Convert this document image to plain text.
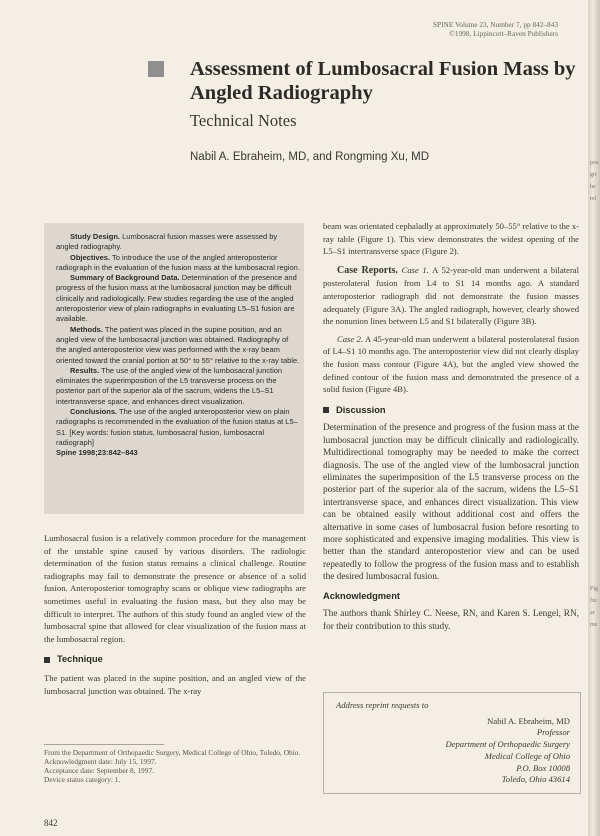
SPINE Volume 23, Number 7, pp 842–843
©1998, Lippincott–Raven Publishers
Assessment of Lumbosacral Fusion Mass by Angled Radiography
Technical Notes
Nabil A. Ebraheim, MD, and Rongming Xu, MD

Study Design. Lumbosacral fusion masses were assessed by angled radiography.

Objectives. To introduce the use of the angled anteroposterior radiograph in the evaluation of the fusion mass at the lumbosacral region.

Summary of Background Data. Determination of the presence and progress of the fusion mass at the lumbosacral junction may be difficult clinically and radiologically. Few studies regarding the use of the angled anteroposterior view of plain radiographs in evaluating L5–S1 fusion are available.

Methods. The patient was placed in the supine position, and an angled view of the lumbosacral junction was obtained. Radiography of the angled anteroposterior view was performed with the x-ray beam oriented toward the cranial portion at 50° to 55° relative to the x-ray table.

Results. The use of the angled view of the lumbosacral junction eliminates the superimposition of the L5 transverse process on the posterior part of the superior ala of the sacrum, widens the L5–S1 intertransverse space, and enhances direct visualization.

Conclusions. The use of the angled anteroposterior view on plain radiographs is recommended in the evaluation of the fusion status at L5–S1. [Key words: fusion status, lumbosacral fusion, lumbosacral radiograph]

Spine 1998;23:842–843

Lumbosacral fusion is a relatively common procedure for the management of the unstable spine caused by various disorders. The radiologic determination of the fusion status remains a clinical challenge. Routine radiographs may fail to demonstrate the presence or absence of a solid fusion. Anteroposterior tomography scans or oblique view radiographs are sometimes useful in evaluating the fusion mass, but they also may be difficult to interpret. The authors of this study found an angled view of the lumbosacral spine that allowed for clear visualization of the fusion mass at the lumbosacral region.

Technique

The patient was placed in the supine position, and an angled view of the lumbosacral junction was obtained. The x-ray

From the Department of Orthopaedic Surgery, Medical College of Ohio, Toledo, Ohio.
Acknowledgment date: July 15, 1997.
Acceptance date: September 8, 1997.
Device status category: 1.

beam was orientated cephaladly at approximately 50–55° relative to the x-ray table (Figure 1). This view demonstrates the widest opening of the L5–S1 intertransverse space (Figure 2).

Case Reports. Case 1. A 52-year-old man underwent a bilateral posterolateral fusion from L4 to S1 14 months ago. A standard anteroposterior radiograph did not demonstrate the fusion masses adequately (Figure 3A). The angled radiograph, however, clearly showed the nonunion lines between L5 and S1 bilaterally (Figure 3B).

Case 2. A 45-year-old man underwent a bilateral posterolateral fusion of L4–S1 10 months ago. The anteroposterior view did not clearly display the fusion mass contour (Figure 4A), but the angled view showed the defined contour of the fusion mass and demonstrated the presence of a solid fusion (Figure 4B).

Discussion

Determination of the presence and progress of the fusion mass at the lumbosacral junction may be difficult clinically and radiologically. Multidirectional tomography may be needed to make the correct diagnosis. The use of the angled view of the lumbosacral junction eliminates the superimposition of the L5 transverse process on the posterior part of the superior ala of the sacrum, widens the L5–S1 intertransverse space, and enhances direct visualization. This view can be obtained easily without additional cost and offers the alternative in some cases of lumbosacral fusion before resorting to more sophisticated and expensive imaging modalities. This view is better than the standard anteroposterior view and can be used repeatedly to follow the progress of the fusion mass and to establish the desired lumbosacral fusion.

Acknowledgment

The authors thank Shirley C. Neese, RN, and Karen S. Lengel, RN, for their contribution to this study.

Address reprint requests to
Nabil A. Ebraheim, MD
Professor
Department of Orthopaedic Surgery
Medical College of Ohio
P.O. Box 10008
Toledo, Ohio 43614
842
pos
gri
he
rel
Fig
fin
ar
me
